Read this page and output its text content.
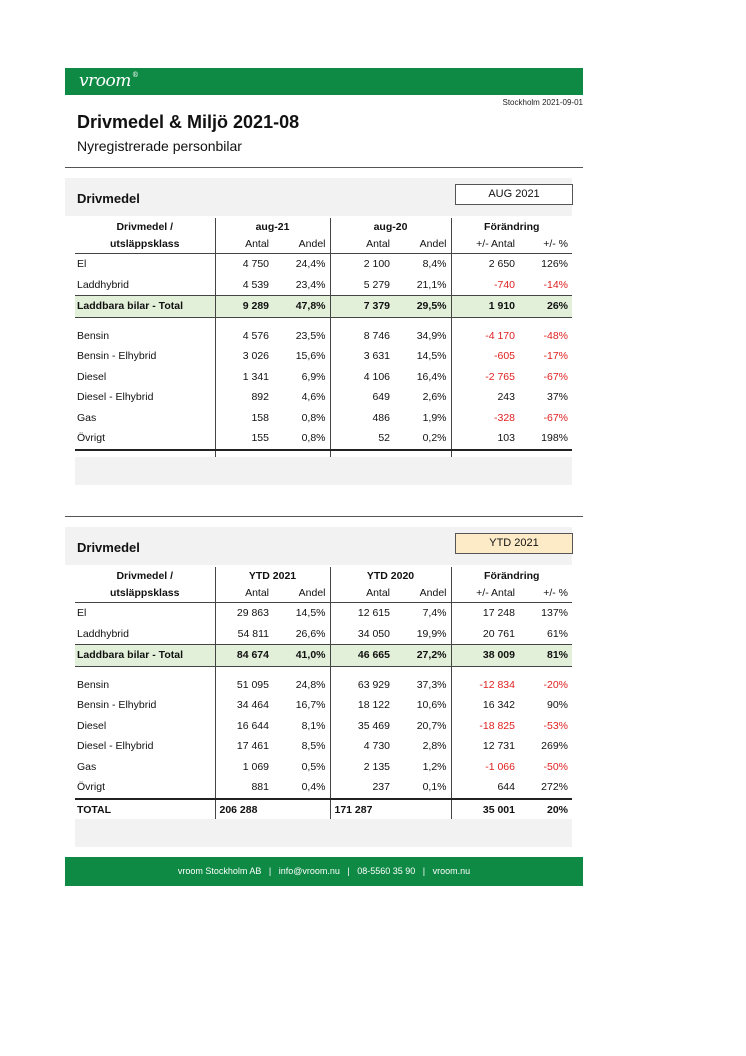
vroom®
Stockholm 2021-09-01
Drivmedel & Miljö 2021-08
Nyregistrerade personbilar
Drivmedel	AUG 2021
Drivmedel /	aug-21		aug-20		Förändring	
utsläppsklass	Antal	Andel	Antal	Andel	+/- Antal	+/- %
El	4 750	24,4%	2 100	8,4%	2 650	126%
Laddhybrid	4 539	23,4%	5 279	21,1%	-740	-14%
Laddbara bilar - Total	9 289	47,8%	7 379	29,5%	1 910	26%

Bensin	4 576	23,5%	8 746	34,9%	-4 170	-48%
Bensin - Elhybrid	3 026	15,6%	3 631	14,5%	-605	-17%
Diesel	1 341	6,9%	4 106	16,4%	-2 765	-67%
Diesel - Elhybrid	892	4,6%	649	2,6%	243	37%
Gas	158	0,8%	486	1,9%	-328	-67%
Övrigt	155	0,8%	52	0,2%	103	198%

Drivmedel	YTD 2021
Drivmedel /	YTD 2021		YTD 2020		Förändring	
utsläppsklass	Antal	Andel	Antal	Andel	+/- Antal	+/- %
El	29 863	14,5%	12 615	7,4%	17 248	137%
Laddhybrid	54 811	26,6%	34 050	19,9%	20 761	61%
Laddbara bilar - Total	84 674	41,0%	46 665	27,2%	38 009	81%

Bensin	51 095	24,8%	63 929	37,3%	-12 834	-20%
Bensin - Elhybrid	34 464	16,7%	18 122	10,6%	16 342	90%
Diesel	16 644	8,1%	35 469	20,7%	-18 825	-53%
Diesel - Elhybrid	17 461	8,5%	4 730	2,8%	12 731	269%
Gas	1 069	0,5%	2 135	1,2%	-1 066	-50%
Övrigt	881	0,4%	237	0,1%	644	272%
TOTAL	206 288		171 287		35 001	20%
vroom Stockholm AB   |   info@vroom.nu   |   08-5560 35 90   |   vroom.nu
